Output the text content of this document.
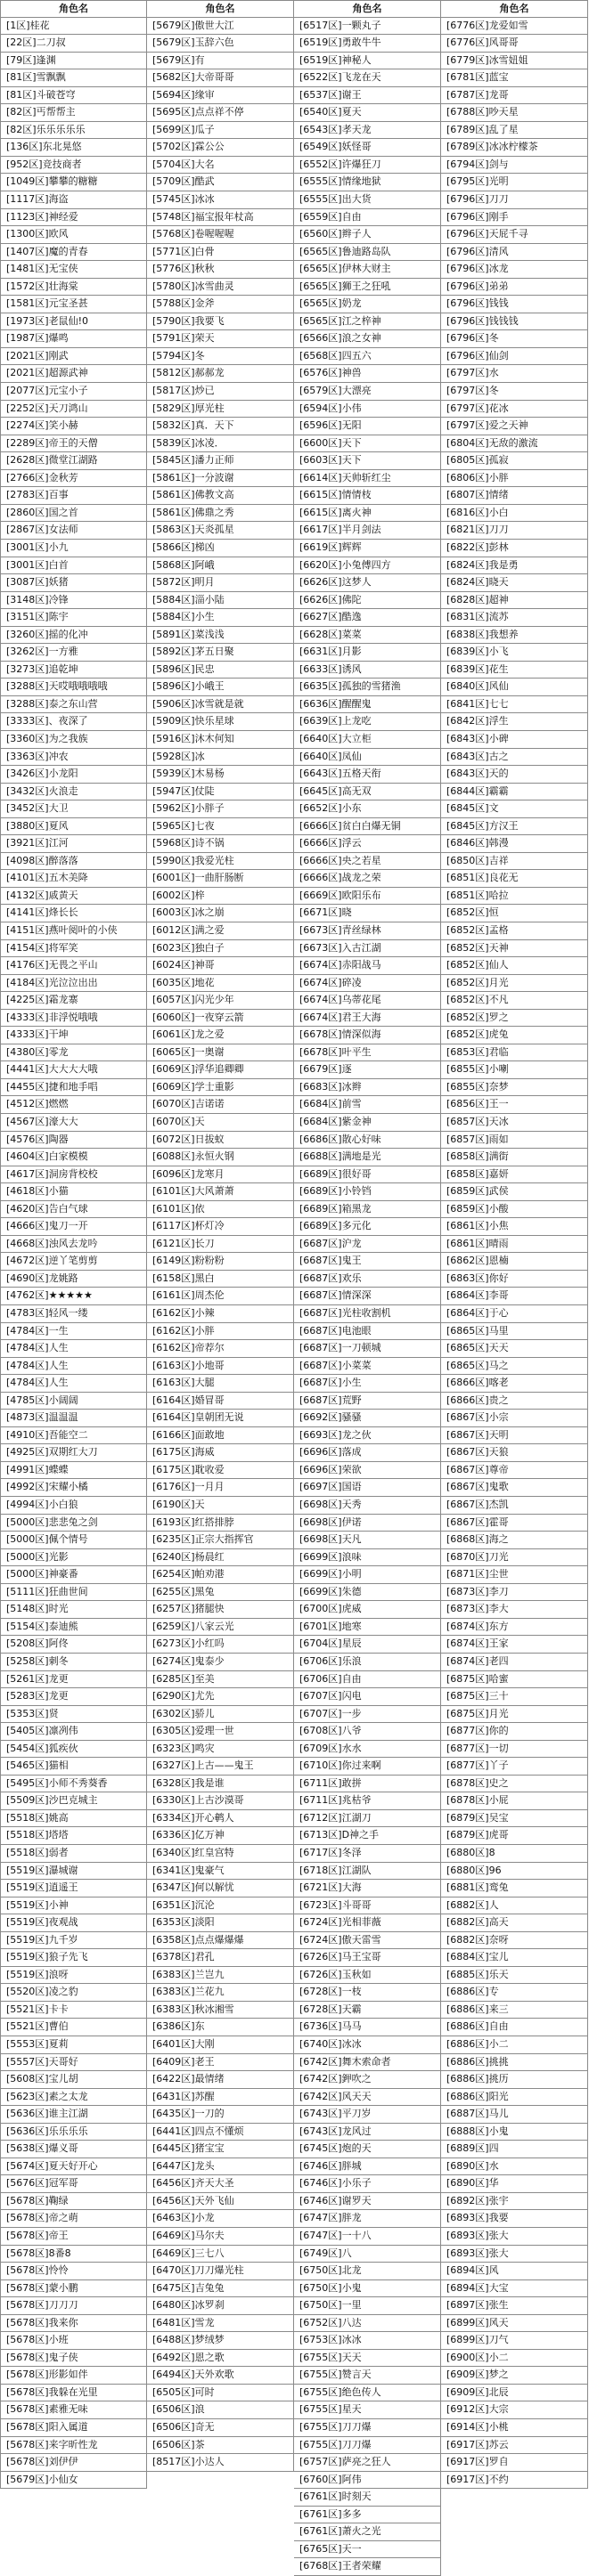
角色名
[1区]桂花
[22区]二刀叔
[79区]逢渊
[81区]雪飘飘
[81区]斗破苍穹
[82区]丐帮帮主
[82区]乐乐乐乐乐
[136区]东北晃悠
[952区]竞技商者
[1049区]攀攀的糖糖
[1117区]海盗
[1123区]神经爱
[1300区]欧风
[1407区]魔的青春
[1481区]无宝侠
[1572区]壮海棠
[1581区]元宝圣甚
[1973区]老鼠仙!0
[1987区]爆鸣
[2021区]刚武
[2021区]超源武神
[2077区]元宝小子
[2252区]天刀鸿山
[2274区]笑小赫
[2289区]帝王的天僧
[2628区]微堂江湖路
[2766区]金秋芳
[2783区]百事
[2860区]国之首
[2867区]女法师
[3001区]小九
[3001区]白首
[3087区]妖猪
[3148区]冷锋
[3151区]陈宇
[3260区]摇的化冲
[3262区]一方雅
[3273区]追乾坤
[3288区]天哎哦哦哦哦
[3288区]泰之东山营
[3333区]、夜深了
[3360区]为之我族
[3363区]冲农
[3426区]小龙阳
[3432区]火浪走
[3452区]大卫
[3880区]夏风
[3921区]江河
[4098区]醉落落
[4101区]五木美降
[4132区]戚黄天
[4141区]烽长长
[4151区]燕叶阅叶的小侠
[4154区]将军笑
[4176区]无畏之平山
[4184区]光泣泣出出
[4225区]霜龙寨
[4333区]非浮悦哦哦
[4333区]干坤
[4380区]零龙
[4441区]大大大大哦
[4455区]捷和地手唱
[4512区]燃燃
[4567区]濠大大
[4576区]陶器
[4604区]白家模模
[4617区]洞房背校校
[4618区]小猫
[4620区]告白气球
[4666区]鬼刀一开
[4668区]浊风去龙吟
[4672区]逆丫笔剪剪
[4690区]龙姚路
[4762区]★★★★★
[4783区]轻风一缕
[4784区]一生
[4784区]人生
[4784区]人生
[4784区]人生
[4785区]小阔阔
[4873区]温温温
[4910区]吾能空二
[4925区]双期红大刀
[4991区]蝶蝶
[4992区]宋耀小橘
[4994区]小白狼
[5000区]悲悲兔之剑
[5000区]佩个情号
[5000区]光影
[5000区]神豪番
[5111区]狂曲世间
[5148区]时光
[5154区]泰迪熊
[5208区]阿佟
[5258区]刺冬
[5261区]龙更
[5283区]龙更
[5353区]贤
[5405区]凛冽伟
[5454区]狐疾伙
[5465区]猫相
[5495区]小师不秀葵香
[5509区]沙巴克城主
[5518区]姚高
[5518区]塔塔
[5518区]弱者
[5519区]瀑城谢
[5519区]逍遥王
[5519区]小神
[5519区]夜观战
[5519区]九千岁
[5519区]狼子先飞
[5519区]浪呀
[5520区]凌之豹
[5521区]卡卡
[5521区]曹伯
[5553区]夏莉
[5557区]天哥好
[5608区]宝儿胡
[5623区]素之太龙
[5636区]谁主江湖
[5636区]乐乐乐乐
[5638区]爆义哥
[5674区]夏天好开心
[5676区]冠军哥
[5678区]鞠绿
[5678区]帝之萌
[5678区]帝王
[5678区]8番8
[5678区]怜怜
[5678区]蒙小鹏
[5678区]刀刀刀
[5678区]我来你
[5678区]小班
[5678区]鬼子侠
[5678区]形影如伴
[5678区]我躲在光里
[5678区]素雅无味
[5678区]阳入属道
[5678区]来字昕性龙
[5678区]刘伊伊
[5679区]小仙女
角色名
[5679区]傲世大江
[5679区]玉辞六色
[5679区]有
[5682区]大帝哥哥
[5694区]缘审
[5695区]点点祥不停
[5699区]瓜子
[5702区]霖公公
[5704区]大名
[5709区]酷武
[5745区]冰冰
[5748区]福宝报年杖高
[5768区]卷喔喔喔
[5771区]白骨
[5776区]秋秋
[5780区]冰雪曲灵
[5788区]金斧
[5790区]我要飞
[5791区]荣天
[5794区]冬
[5812区]郝郝龙
[5817区]炒已
[5829区]厚光柱
[5832区]真．天下
[5839区]冰凌．
[5845区]潘力正师
[5861区]一分波谢
[5861区]佛教文高
[5861区]佛鼎之秀
[5863区]天炎孤星
[5866区]梯凶
[5868区]阿峨
[5872区]明月
[5884区]淄小陆
[5884区]小生
[5891区]菜浅浅
[5892区]茅五日聚
[5896区]民忠
[5896区]小峨王
[5906区]冰雪就是就
[5909区]快乐星球
[5916区]沐木何知
[5928区]冰
[5939区]木易杨
[5947区]仗陡
[5962区]小胖子
[5965区]七夜
[5968区]诗不锅
[5990区]我爱光柱
[6001区]一曲肝肠断
[6002区]梓
[6003区]冰之崩
[6012区]满之爱
[6023区]独白子
[6024区]神哥
[6035区]地花
[6057区]闪光少年
[6060区]一夜穿云箭
[6061区]龙之爱
[6065区]一奥谢
[6069区]浮华追卿卿
[6069区]学士重影
[6070区]吉诺诺
[6070区]天
[6072区]日拔蚁
[6088区]永恒火钢
[6096区]龙寒月
[6101区]大风萧萧
[6101区]依
[6117区]杯灯冷
[6121区]长刀
[6149区]粉粉粉
[6158区]黑白
[6161区]周杰伦
[6162区]小辣
[6162区]小胖
[6162区]帝荐尔
[6163区]小地哥
[6163区]大腿
[6164区]婚冒哥
[6164区]皇朝团无说
[6166区]面敢地
[6175区]海威
[6175区]耽收爱
[6176区]一月月
[6190区]天
[6193区]红搭排脖
[6235区]正宗大指挥官
[6240区]杨晨红
[6254区]帕劝港
[6255区]黑兔
[6257区]猪腿快
[6259区]八家云光
[6273区]小红吗
[6274区]鬼泰少
[6285区]至美
[6290区]尤先
[6302区]骄儿
[6305区]爱理一世
[6323区]鸣灾
[6327区]上古——鬼王
[6328区]我是谁
[6330区]上古沙漠哥
[6334区]开心鹌人
[6336区]亿万神
[6340区]红皇宫特
[6341区]鬼豪气
[6347区]何以解忧
[6351区]沉沦
[6353区]淡阳
[6358区]点点爆爆爆
[6378区]君孔
[6383区]兰岂九
[6383区]兰花九
[6383区]秋冰湘雪
[6386区]东
[6401区]大刚
[6409区]老王
[6422区]最情绪
[6431区]苏醒
[6435区]一刀的
[6441区]四点不懂烦
[6445区]猪宝宝
[6447区]龙头
[6456区]齐天大圣
[6456区]天外飞仙
[6463区]小龙
[6469区]马尔夫
[6469区]三七八
[6470区]刀刀爆光柱
[6475区]吉兔兔
[6480区]冰罗刹
[6481区]雪龙
[6488区]梦绒梦
[6492区]恩之歌
[6494区]天外欢歌
[6505区]可时
[6506区]浪
[6506区]奇无
[6506区]茶
[8517区]小达人
角色名
[6517区]一颗丸子
[6519区]勇敢牛牛
[6519区]神秘人
[6522区]飞龙在天
[6537区]谢王
[6540区]夏天
[6543区]孝天龙
[6549区]妖怪哥
[6552区]许爆狂刀
[6555区]情缘地狱
[6555区]出大货
[6559区]自由
[6560区]辫子人
[6565区]鲁迪路岛队
[6565区]伊林大财主
[6565区]狮王之狂吼
[6565区]奶龙
[6565区]江之梓神
[6566区]浪之女神
[6568区]四五六
[6576区]神兽
[6579区]大漂亮
[6594区]小伟
[6596区]无阳
[6600区]天下
[6603区]天下
[6614区]天帅斩红尘
[6615区]情情枝
[6615区]离火神
[6617区]半月剑法
[6619区]辉辉
[6620区]小兔傅四方
[6626区]这梦人
[6626区]佛陀
[6627区]酷逸
[6628区]菜菜
[6631区]月影
[6633区]诱风
[6635区]孤独的雪猪渔
[6636区]醒醒鬼
[6639区]上龙吃
[6640区]大立柜
[6640区]凤仙
[6643区]五格天衔
[6645区]高无双
[6652区]小东
[6666区]贫白白爆无铜
[6666区]浮云
[6666区]央之若星
[6666区]战龙之荣
[6669区]欧阳乐布
[6671区]晓
[6673区]青丝绿林
[6673区]入古江湖
[6674区]赤阳战马
[6674区]碎凌
[6674区]乌蒂花尾
[6674区]君王大海
[6678区]情深似海
[6678区]叶平生
[6679区]逐
[6683区]冰辫
[6684区]前雪
[6684区]紫金神
[6686区]散心好味
[6688区]满地是光
[6689区]很好哥
[6689区]小铃铛
[6689区]箱黑龙
[6689区]多元化
[6687区]沪龙
[6687区]鬼王
[6687区]欢乐
[6687区]情深深
[6687区]光柱收割机
[6687区]电池眼
[6687区]一刀顿城
[6687区]小菜菜
[6687区]小生
[6687区]荒野
[6692区]骚骚
[6693区]龙之伙
[6696区]落成
[6696区]荣欲
[6697区]国语
[6698区]天秀
[6698区]伊诺
[6698区]天凡
[6699区]浪味
[6699区]小明
[6699区]朱德
[6700区]虎威
[6701区]地寒
[6704区]星辰
[6706区]乐浪
[6706区]自由
[6707区]闪电
[6707区]一步
[6708区]八爷
[6709区]水水
[6710区]你过来啊
[6711区]敢拼
[6711区]兆枯爷
[6712区]江湖刀
[6713区]D神之手
[6717区]冬泽
[6718区]江湖队
[6721区]大海
[6723区]斗哥哥
[6724区]光相菲薇
[6724区]傲天雷雪
[6726区]马王宝哥
[6726区]玉秋如
[6728区]一枝
[6728区]天霸
[6736区]马马
[6740区]冰冰
[6742区]舞木索命者
[6742区]鉀吹之
[6742区]风天天
[6743区]平刀岁
[6743区]龙风过
[6745区]炮的天
[6746区]胖城
[6746区]小乐子
[6746区]谢罗天
[6747区]胖龙
[6747区]一十八
[6749区]八
[6750区]北龙
[6750区]小鬼
[6750区]一里
[6752区]八达
[6753区]冰冰
[6755区]天天
[6755区]赞言天
[6755区]绝色传人
[6755区]星天
[6755区]刀刀爆
[6755区]刀刀爆
[6757区]萨亮之狂人
[6760区]阿伟
[6761区]时刻天
[6761区]多多
[6761区]萧火之光
[6765区]天一
[6768区]王者荣耀
角色名
[6776区]龙爱如雪
[6776区]风哥哥
[6779区]冰雪妞姐
[6781区]蓝宝
[6787区]龙哥
[6788区]吵天星
[6789区]乱了星
[6789区]冰冰柠檬茶
[6794区]剑与
[6795区]光明
[6796区]刀刀
[6796区]刚手
[6796区]天屁千寻
[6796区]清风
[6796区]冰龙
[6796区]弟弟
[6796区]钱钱
[6796区]钱钱钱
[6796区]冬
[6796区]仙剑
[6797区]水
[6797区]冬
[6797区]花冰
[6797区]爱之天神
[6804区]无敌的激流
[6805区]孤寂
[6806区]小胖
[6807区]情绪
[6816区]小白
[6821区]刀刀
[6822区]彭林
[6824区]我是勇
[6824区]晓天
[6828区]超神
[6831区]流苏
[6838区]我想养
[6839区]小飞
[6839区]花生
[6840区]风仙
[6841区]七七
[6842区]浮生
[6843区]小碑
[6843区]古之
[6843区]天的
[6844区]霸霸
[6845区]文
[6845区]方汉王
[6846区]韩漫
[6850区]吉祥
[6851区]良花无
[6851区]哈拉
[6852区]恒
[6852区]孟格
[6852区]天神
[6852区]仙人
[6852区]月光
[6852区]不凡
[6852区]罗之
[6852区]虎兔
[6853区]君临
[6855区]小喇
[6855区]奈梦
[6856区]王一
[6857区]天冰
[6857区]雨如
[6858区]满街
[6858区]嘉妍
[6859区]武侯
[6859区]小酸
[6861区]小焦
[6861区]晴雨
[6862区]恩楠
[6863区]你好
[6864区]李哥
[6864区]于心
[6865区]马里
[6865区]天天
[6865区]马之
[6866区]喀老
[6866区]贵之
[6867区]小宗
[6867区]天明
[6867区]天狼
[6867区]尊帝
[6867区]鬼歌
[6867区]杰凯
[6867区]霍哥
[6868区]海之
[6870区]刀光
[6871区]尘世
[6873区]李刀
[6873区]李大
[6874区]东方
[6874区]王家
[6874区]老四
[6875区]哈蜜
[6875区]三十
[6875区]月光
[6877区]你的
[6877区]一切
[6877区]丫子
[6878区]史之
[6878区]小屁
[6879区]吴宝
[6879区]虎哥
[6880区]8
[6880区]96
[6881区]鸾兔
[6882区]人
[6882区]高天
[6882区]奈呀
[6884区]宝儿
[6885区]乐天
[6886区]专
[6886区]来三
[6886区]自由
[6886区]小二
[6886区]挑挑
[6886区]挑历
[6886区]阳光
[6887区]马儿
[6888区]小鬼
[6889区]四
[6890区]水
[6890区]华
[6892区]张宇
[6893区]我要
[6893区]张大
[6893区]张大
[6894区]风
[6894区]大宝
[6897区]张生
[6899区]风天
[6899区]刀气
[6900区]小二
[6909区]梦之
[6909区]北辰
[6912区]大宗
[6914区]小桃
[6917区]苏云
[6917区]罗自
[6917区]不约
